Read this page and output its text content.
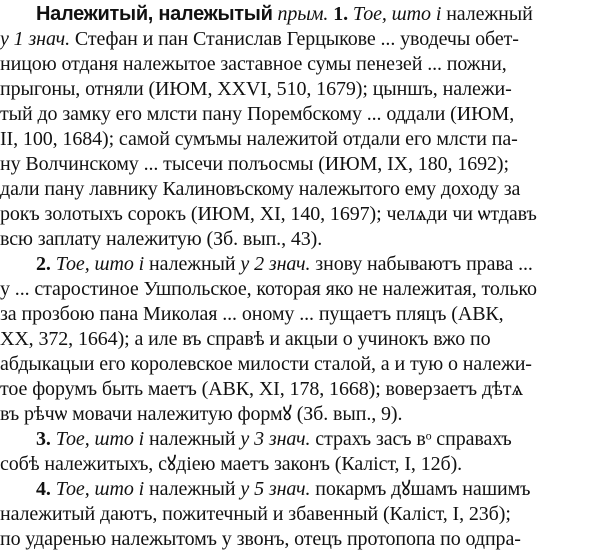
Належитый, належытый прым. 1. Тое, што і належный
у 1 знач. Стефан и пан Станислав Герцыкове ... уводечы обет-
ницою отданя належытое заставное сумы пенезей ... пожни,
прыгоны, отняли (ИЮМ, XXVI, 510, 1679); цыншъ, належи-
тый до замку его млсти пану Порембскому ... оддали (ИЮМ,
II, 100, 1684); самой сумъмы належитой отдали его млсти па-
ну Волчинскому ... тысечи полъосмы (ИЮМ, IX, 180, 1692);
дали пану лавнику Калиновъскому належытого ему доходу за
рокъ золотыхъ сорокъ (ИЮМ, XI, 140, 1697); челѧди чи ѡтдавъ
всю заплату належитую (Зб. вып., 43).
2. Тое, што і належный у 2 знач. знову набываютъ права ...
у ... старостиное Ушпольское, которая яко не належитая, только
за прозбою пана Миколая ... оному ... пущаетъ пляцъ (АВК,
XX, 372, 1664); а иле въ справѣ и акцыи о учинокъ вжо по
абдыкацыи его королевское милости сталой, а и тую о належи-
тое форумъ быть маетъ (АВК, XI, 178, 1668); воверзаетъ дѣтѧ
въ рѣчѡ мовачи належитую формꙋ (Зб. вып., 9).
3. Тое, што і належный у 3 знач. страхъ засъ вᵒ справахъ
собѣ належитыхъ, сꙋдіею маетъ законъ (Каліст, I, 12б).
4. Тое, што і належный у 5 знач. покармъ дꙋшамъ нашимъ
належитый даютъ, пожитечный и збавенный (Каліст, I, 23б);
по ударенью належытомъ у звонъ, отецъ протопопа по одпра-
